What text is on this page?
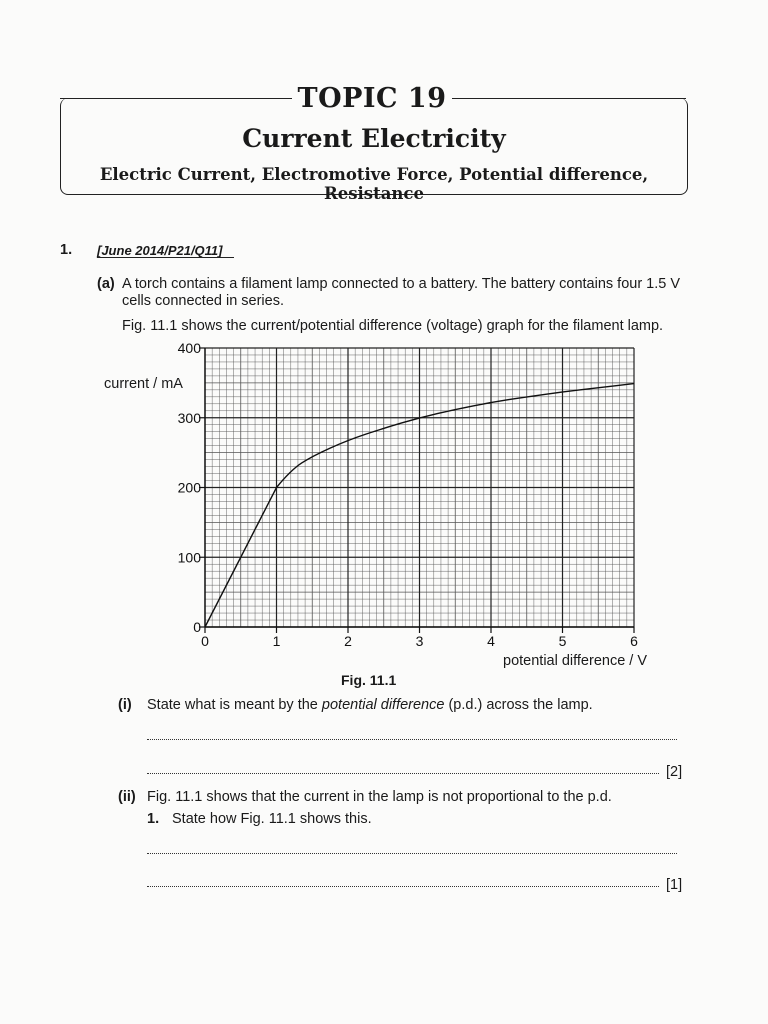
TOPIC 19
Current Electricity
Electric Current, Electromotive Force, Potential difference, Resistance
1. [June 2014/P21/Q11]
(a) A torch contains a filament lamp connected to a battery. The battery contains four 1.5 V
cells connected in series.
Fig. 11.1 shows the current/potential difference (voltage) graph for the filament lamp.
0	1	2	3	4	5	6
0
100
200
300
400
current / mA
potential difference / V
Fig. 11.1
(i) State what is meant by the potential difference (p.d.) across the lamp.
[2]
(ii) Fig. 11.1 shows that the current in the lamp is not proportional to the p.d.
1. State how Fig. 11.1 shows this.
[1]
